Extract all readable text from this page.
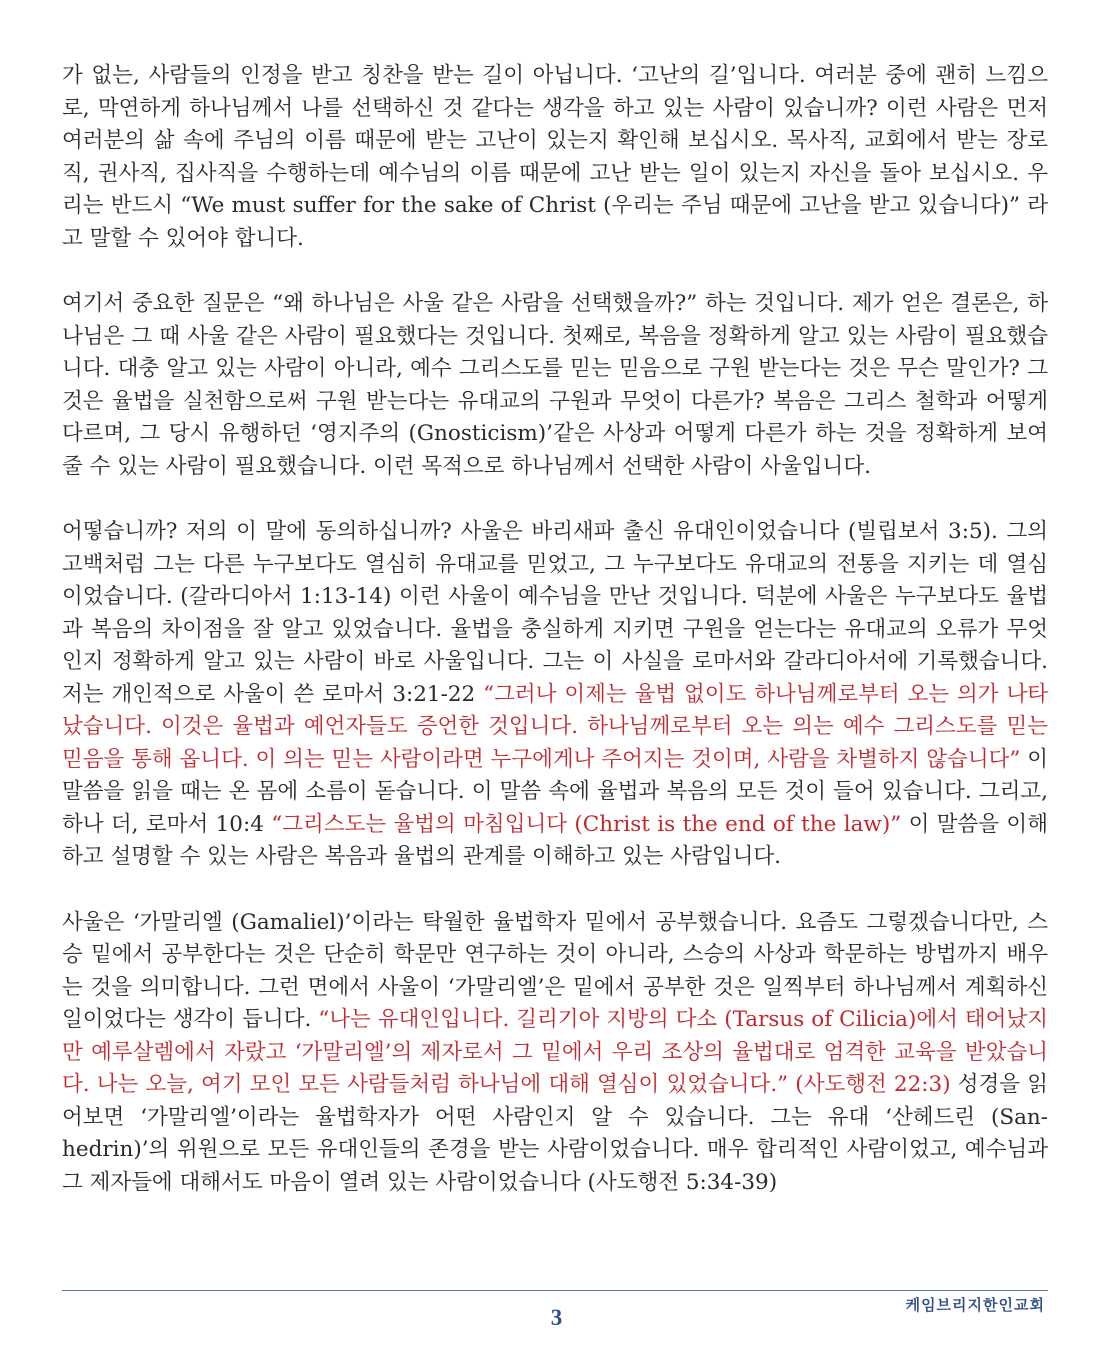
가 없는, 사람들의 인정을 받고 칭찬을 받는 길이 아닙니다. ‘고난의 길’입니다. 여러분 중에 괜히 느낌으로, 막연하게 하나님께서 나를 선택하신 것 같다는 생각을 하고 있는 사람이 있습니까? 이런 사람은 먼저 여러분의 삶 속에 주님의 이름 때문에 받는 고난이 있는지 확인해 보십시오. 목사직, 교회에서 받는 장로직, 권사직, 집사직을 수행하는데 예수님의 이름 때문에 고난 받는 일이 있는지 자신을 돌아 보십시오. 우리는 반드시 “We must suffer for the sake of Christ (우리는 주님 때문에 고난을 받고 있습니다)” 라고 말할 수 있어야 합니다.

여기서 중요한 질문은 “왜 하나님은 사울 같은 사람을 선택했을까?” 하는 것입니다. 제가 얻은 결론은, 하나님은 그 때 사울 같은 사람이 필요했다는 것입니다. 첫째로, 복음을 정확하게 알고 있는 사람이 필요했습니다. 대충 알고 있는 사람이 아니라, 예수 그리스도를 믿는 믿음으로 구원 받는다는 것은 무슨 말인가? 그것은 율법을 실천함으로써 구원 받는다는 유대교의 구원과 무엇이 다른가? 복음은 그리스 철학과 어떻게 다르며, 그 당시 유행하던 ‘영지주의 (Gnosticism)’같은 사상과 어떻게 다른가 하는 것을 정확하게 보여 줄 수 있는 사람이 필요했습니다. 이런 목적으로 하나님께서 선택한 사람이 사울입니다.

어떻습니까? 저의 이 말에 동의하십니까? 사울은 바리새파 출신 유대인이었습니다 (빌립보서 3:5). 그의 고백처럼 그는 다른 누구보다도 열심히 유대교를 믿었고, 그 누구보다도 유대교의 전통을 지키는 데 열심이었습니다. (갈라디아서 1:13-14) 이런 사울이 예수님을 만난 것입니다. 덕분에 사울은 누구보다도 율법과 복음의 차이점을 잘 알고 있었습니다. 율법을 충실하게 지키면 구원을 얻는다는 유대교의 오류가 무엇인지 정확하게 알고 있는 사람이 바로 사울입니다. 그는 이 사실을 로마서와 갈라디아서에 기록했습니다. 저는 개인적으로 사울이 쓴 로마서 3:21-22 “그러나 이제는 율법 없이도 하나님께로부터 오는 의가 나타났습니다. 이것은 율법과 예언자들도 증언한 것입니다. 하나님께로부터 오는 의는 예수 그리스도를 믿는 믿음을 통해 옵니다. 이 의는 믿는 사람이라면 누구에게나 주어지는 것이며, 사람을 차별하지 않습니다” 이 말씀을 읽을 때는 온 몸에 소름이 돋습니다. 이 말씀 속에 율법과 복음의 모든 것이 들어 있습니다. 그리고, 하나 더, 로마서 10:4 “그리스도는 율법의 마침입니다 (Christ is the end of the law)” 이 말씀을 이해하고 설명할 수 있는 사람은 복음과 율법의 관계를 이해하고 있는 사람입니다.

사울은 ‘가말리엘 (Gamaliel)’이라는 탁월한 율법학자 밑에서 공부했습니다. 요즘도 그렇겠습니다만, 스승 밑에서 공부한다는 것은 단순히 학문만 연구하는 것이 아니라, 스승의 사상과 학문하는 방법까지 배우는 것을 의미합니다. 그런 면에서 사울이 ‘가말리엘’은 밑에서 공부한 것은 일찍부터 하나님께서 계획하신 일이었다는 생각이 듭니다. “나는 유대인입니다. 길리기아 지방의 다소 (Tarsus of Cilicia)에서 태어났지만 예루살렘에서 자랐고 ‘가말리엘’의 제자로서 그 밑에서 우리 조상의 율법대로 엄격한 교육을 받았습니다. 나는 오늘, 여기 모인 모든 사람들처럼 하나님에 대해 열심이 있었습니다.” (사도행전 22:3) 성경을 읽어보면 ‘가말리엘’이라는 율법학자가 어떤 사람인지 알 수 있습니다. 그는 유대 ‘산헤드린 (San-hedrin)’의 위원으로 모든 유대인들의 존경을 받는 사람이었습니다. 매우 합리적인 사람이었고, 예수님과 그 제자들에 대해서도 마음이 열려 있는 사람이었습니다 (사도행전 5:34-39)

케임브리지한인교회
3
